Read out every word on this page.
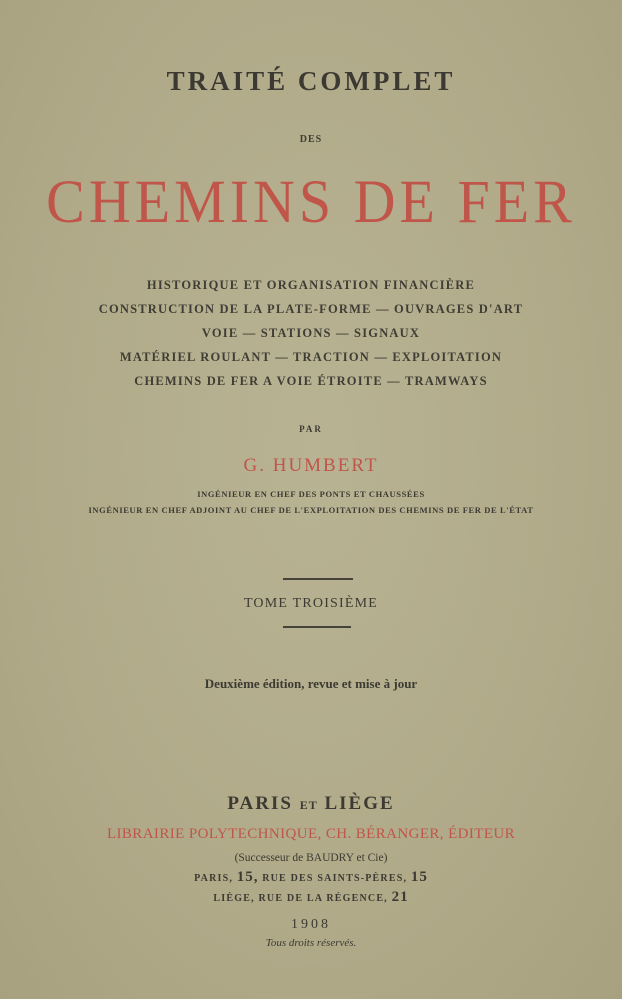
TRAITÉ COMPLET
DES
CHEMINS DE FER
HISTORIQUE ET ORGANISATION FINANCIÈRE
CONSTRUCTION DE LA PLATE-FORME — OUVRAGES D'ART
VOIE — STATIONS — SIGNAUX
MATÉRIEL ROULANT — TRACTION — EXPLOITATION
CHEMINS DE FER A VOIE ÉTROITE — TRAMWAYS
PAR
G. HUMBERT
INGÉNIEUR EN CHEF DES PONTS ET CHAUSSÉES
INGÉNIEUR EN CHEF ADJOINT AU CHEF DE L'EXPLOITATION DES CHEMINS DE FER DE L'ÉTAT
TOME TROISIÈME
Deuxième édition, revue et mise à jour
PARIS ET LIÈGE
LIBRAIRIE POLYTECHNIQUE, CH. BÉRANGER, ÉDITEUR
(Successeur de BAUDRY et Cie)
PARIS, 15, RUE DES SAINTS-PÈRES, 15
LIÈGE, RUE DE LA RÉGENCE, 21
1908
Tous droits réservés.
